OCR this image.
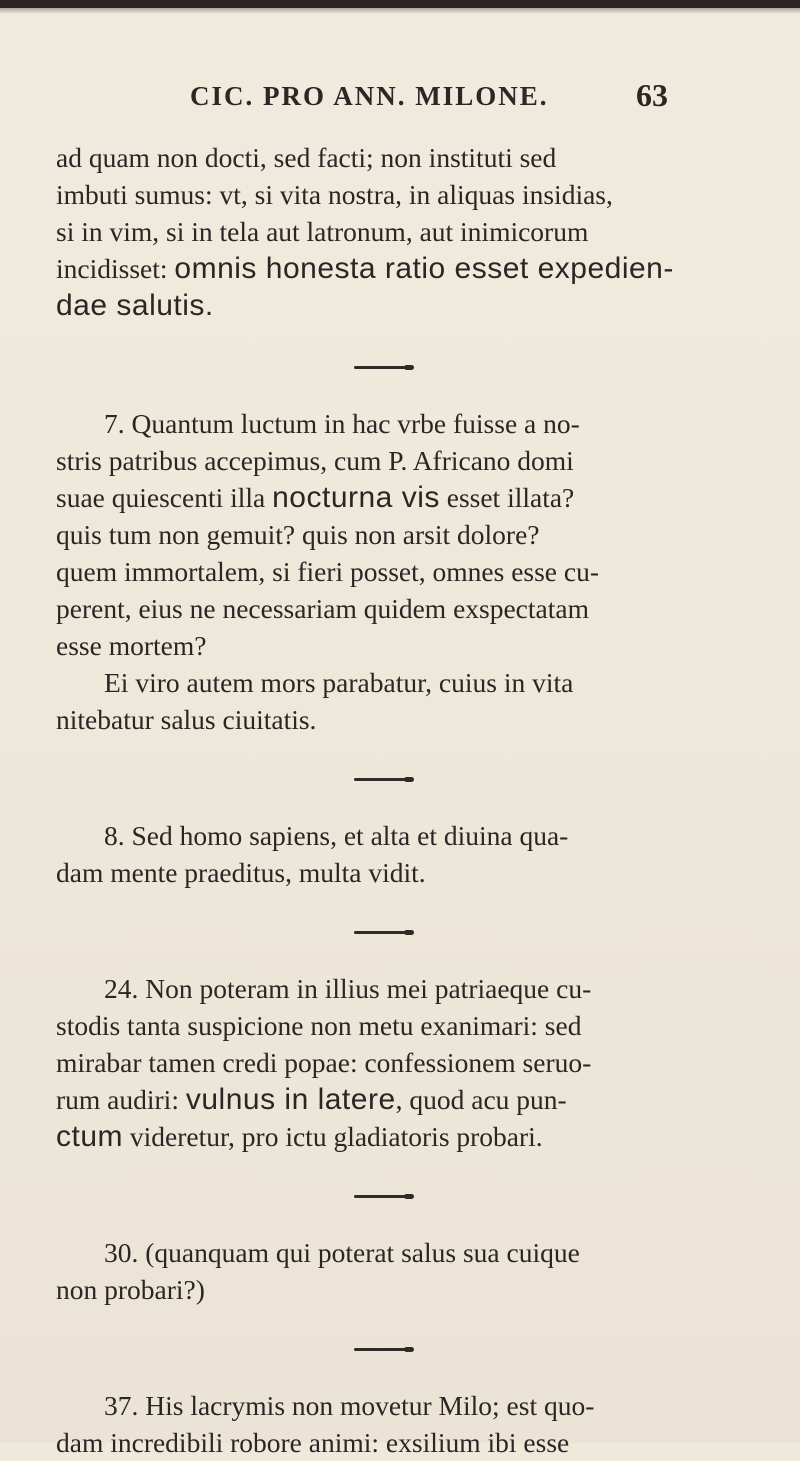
CIC. PRO ANN. MILONE.	63
ad quam non docti, sed facti; non instituti sed
imbuti sumus: vt, si vita nostra, in aliquas insidias,
si in vim, si in tela aut latronum, aut inimicorum
incidisset: omnis honesta ratio esset expedien-
dae salutis.
7. Quantum luctum in hac vrbe fuisse a no-
stris patribus accepimus, cum P. Africano domi
suae quiescenti illa nocturna vis esset illata?
quis tum non gemuit? quis non arsit dolore?
quem immortalem, si fieri posset, omnes esse cu-
perent, eius ne necessariam quidem exspectatam
esse mortem?
Ei viro autem mors parabatur, cuius in vita
nitebatur salus ciuitatis.
8. Sed homo sapiens, et alta et diuina qua-
dam mente praeditus, multa vidit.
24. Non poteram in illius mei patriaeque cu-
stodis tanta suspicione non metu exanimari: sed
mirabar tamen credi popae: confessionem seruo-
rum audiri: vulnus in latere, quod acu pun-
ctum videretur, pro ictu gladiatoris probari.
30. (quanquam qui poterat salus sua cuique
non probari?)
37. His lacrymis non movetur Milo; est quo-
dam incredibili robore animi: exsilium ibi esse
